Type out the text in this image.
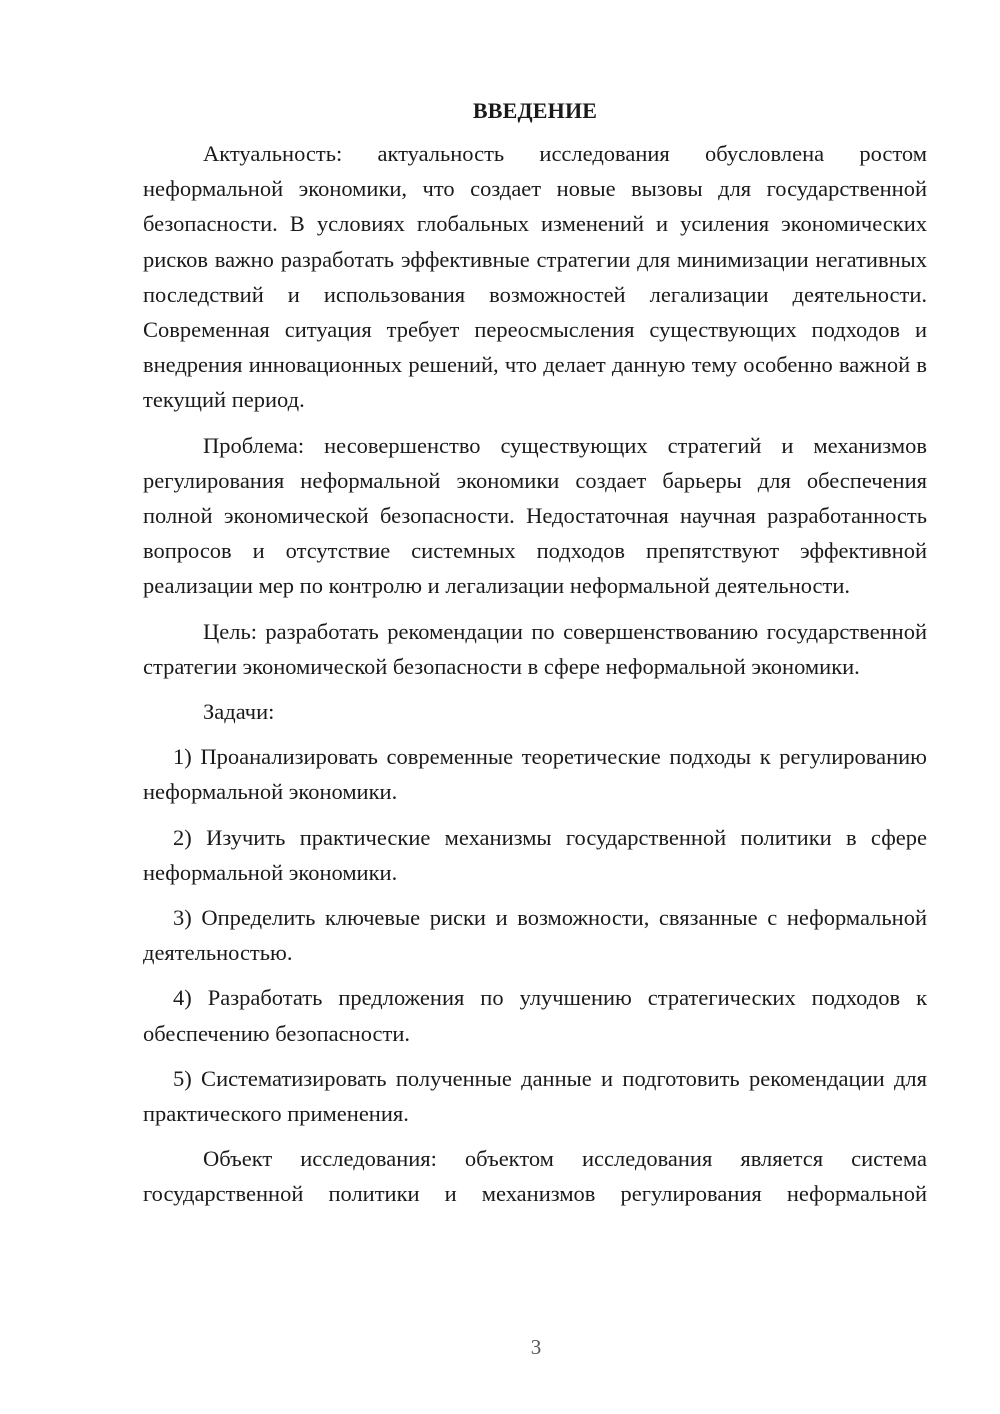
ВВЕДЕНИЕ

Актуальность: актуальность исследования обусловлена ростом неформальной экономики, что создает новые вызовы для государственной безопасности. В условиях глобальных изменений и усиления экономических рисков важно разработать эффективные стратегии для минимизации негативных последствий и использования возможностей легализации деятельности. Современная ситуация требует переосмысления существующих подходов и внедрения инновационных решений, что делает данную тему особенно важной в текущий период.

Проблема: несовершенство существующих стратегий и механизмов регулирования неформальной экономики создает барьеры для обеспечения полной экономической безопасности. Недостаточная научная разработанность вопросов и отсутствие системных подходов препятствуют эффективной реализации мер по контролю и легализации неформальной деятельности.

Цель: разработать рекомендации по совершенствованию государственной стратегии экономической безопасности в сфере неформальной экономики.

Задачи:

1) Проанализировать современные теоретические подходы к регулированию неформальной экономики.

2) Изучить практические механизмы государственной политики в сфере неформальной экономики.

3) Определить ключевые риски и возможности, связанные с неформальной деятельностью.

4) Разработать предложения по улучшению стратегических подходов к обеспечению безопасности.

5) Систематизировать полученные данные и подготовить рекомендации для практического применения.

Объект исследования: объектом исследования является система государственной политики и механизмов регулирования неформальной

3
